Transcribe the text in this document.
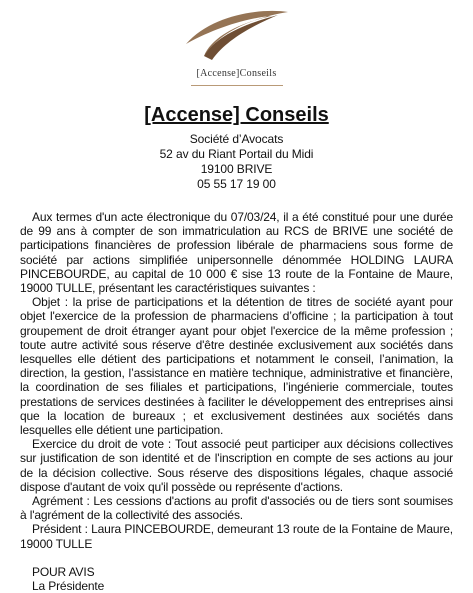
[Accense]Conseils
[Accense] Conseils
Société d’Avocats
52 av du Riant Portail du Midi
19100 BRIVE
05 55 17 19 00

Aux termes d'un acte électronique du 07/03/24, il a été constitué pour une durée de 99 ans à compter de son immatriculation au RCS de BRIVE une société de participations financières de profession libérale de pharmaciens sous forme de société par actions simplifiée unipersonnelle dénommée HOLDING LAURA PINCEBOURDE, au capital de 10 000 € sise 13 route de la Fontaine de Maure, 19000 TULLE, présentant les caractéristiques suivantes :

Objet : la prise de participations et la détention de titres de société ayant pour objet l'exercice de la profession de pharmaciens d’officine ; la participation à tout groupement de droit étranger ayant pour objet l'exercice de la même profession ; toute autre activité sous réserve d'être destinée exclusivement aux sociétés dans lesquelles elle détient des participations et notamment le conseil, l’animation, la direction, la gestion, l’assistance en matière technique, administrative et financière, la coordination de ses filiales et participations, l’ingénierie commerciale, toutes prestations de services destinées à faciliter le développement des entreprises ainsi que la location de bureaux ; et exclusivement destinées aux sociétés dans lesquelles elle détient une participation.

Exercice du droit de vote : Tout associé peut participer aux décisions collectives sur justification de son identité et de l'inscription en compte de ses actions au jour de la décision collective. Sous réserve des dispositions légales, chaque associé dispose d'autant de voix qu'il possède ou représente d'actions.

Agrément : Les cessions d'actions au profit d'associés ou de tiers sont soumises à l'agrément de la collectivité des associés.

Président : Laura PINCEBOURDE, demeurant 13 route de la Fontaine de Maure, 19000 TULLE

POUR AVIS

La Présidente
